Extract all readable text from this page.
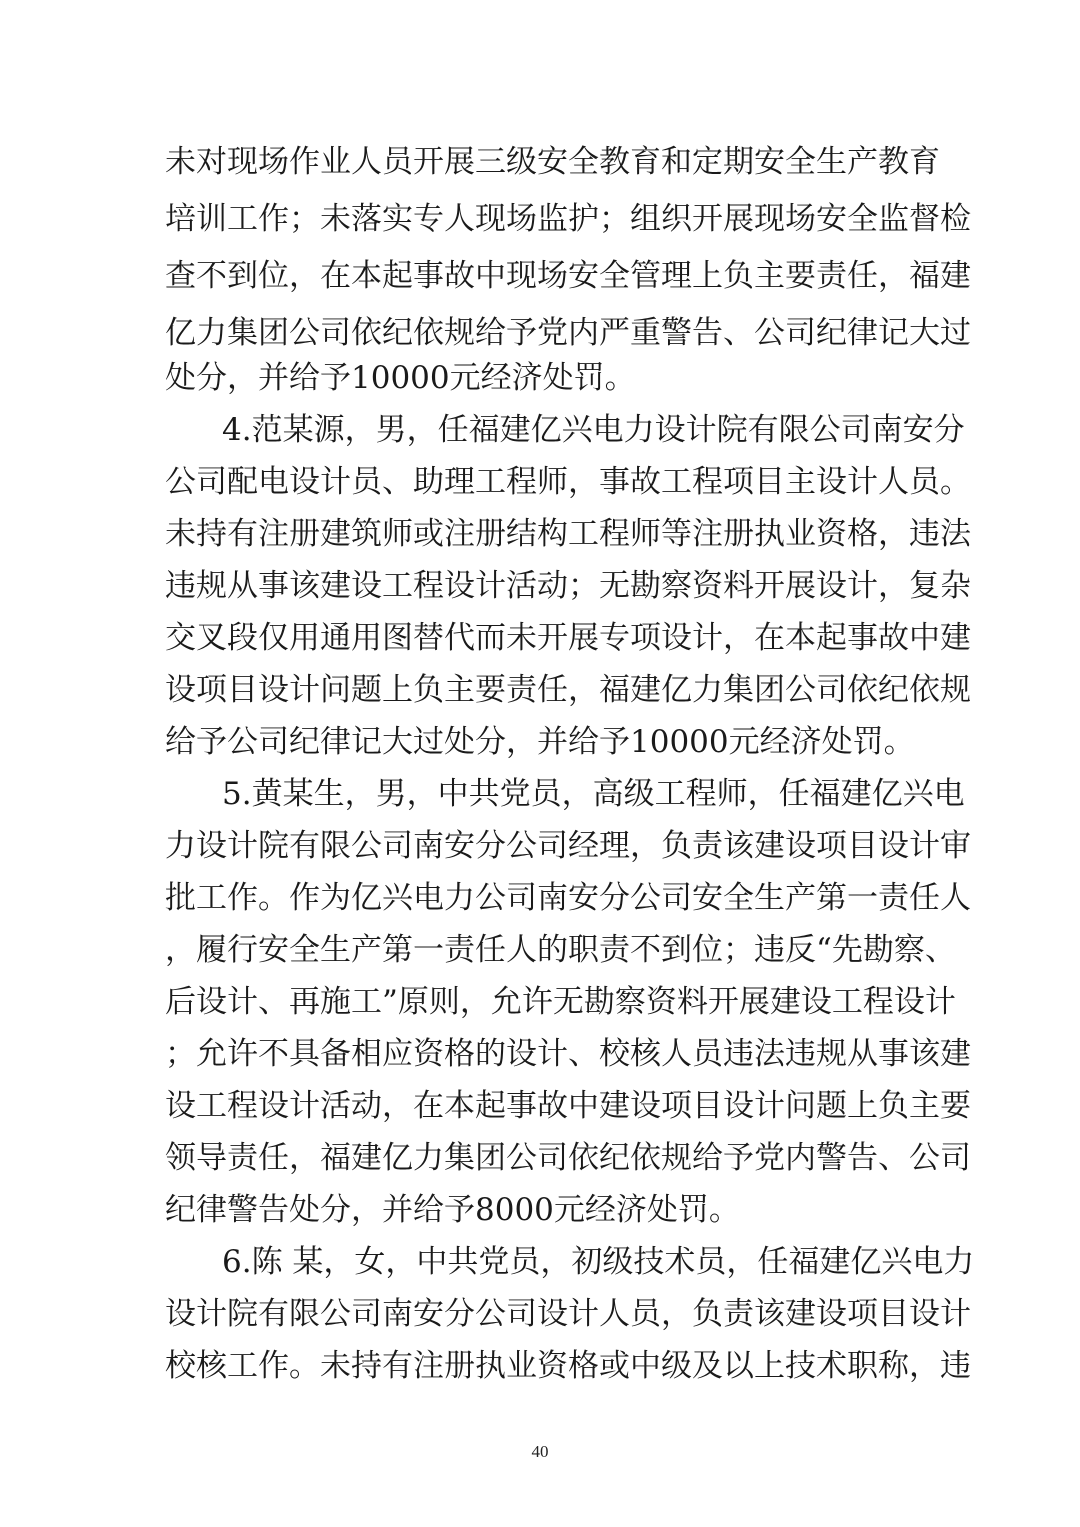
未对现场作业人员开展三级安全教育和定期安全生产教育
培训工作；未落实专人现场监护；组织开展现场安全监督检
查不到位，在本起事故中现场安全管理上负主要责任，福建
亿力集团公司依纪依规给予党内严重警告、公司纪律记大过
处分，并给予10000元经济处罚。
4.范某源，男，任福建亿兴电力设计院有限公司南安分
公司配电设计员、助理工程师，事故工程项目主设计人员。
未持有注册建筑师或注册结构工程师等注册执业资格，违法
违规从事该建设工程设计活动；无勘察资料开展设计，复杂
交叉段仅用通用图替代而未开展专项设计，在本起事故中建
设项目设计问题上负主要责任，福建亿力集团公司依纪依规
给予公司纪律记大过处分，并给予10000元经济处罚。
5.黄某生，男，中共党员，高级工程师，任福建亿兴电
力设计院有限公司南安分公司经理，负责该建设项目设计审
批工作。作为亿兴电力公司南安分公司安全生产第一责任人
，履行安全生产第一责任人的职责不到位；违反“先勘察、
后设计、再施工”原则，允许无勘察资料开展建设工程设计
；允许不具备相应资格的设计、校核人员违法违规从事该建
设工程设计活动，在本起事故中建设项目设计问题上负主要
领导责任，福建亿力集团公司依纪依规给予党内警告、公司
纪律警告处分，并给予8000元经济处罚。
6.陈 某，女，中共党员，初级技术员，任福建亿兴电力
设计院有限公司南安分公司设计人员，负责该建设项目设计
校核工作。未持有注册执业资格或中级及以上技术职称，违
40
